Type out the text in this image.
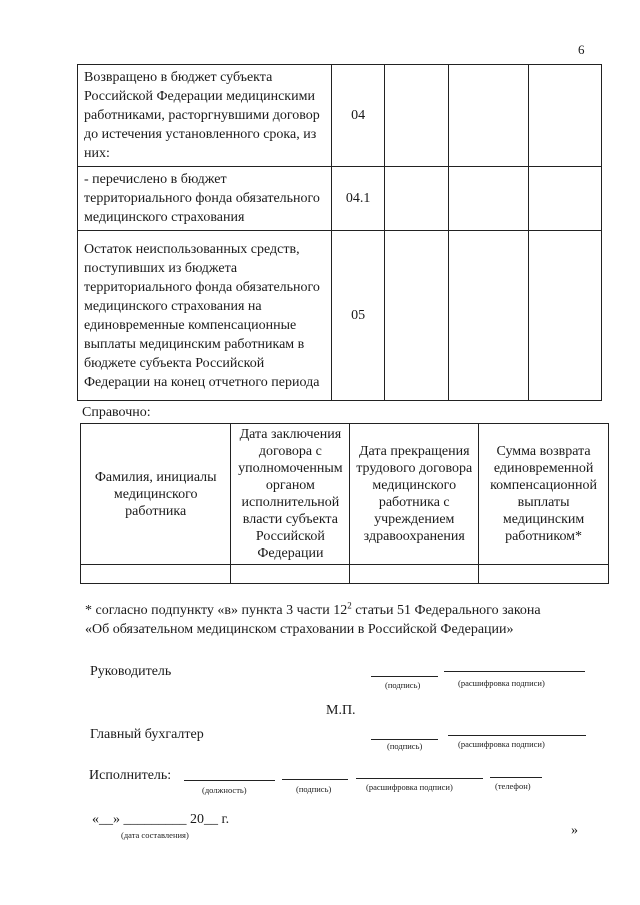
6
Возвращено в бюджет субъекта Российской Федерации медицинскими работниками, расторгнувшими договор до истечения установленного срока, из них:	04			
- перечислено в бюджет территориального фонда обязательного медицинского страхования	04.1			
Остаток неиспользованных средств, поступивших из бюджета территориального фонда обязательного медицинского страхования на единовременные компенсационные выплаты медицинским работникам в бюджете субъекта Российской Федерации на конец отчетного периода	05			
Справочно:
Фамилия, инициалы медицинского работника	Дата заключения договора с уполномоченным органом исполнительной власти субъекта Российской Федерации	Дата прекращения трудового договора медицинского работника с учреждением здравоохранения	Сумма возврата единовременной компенсационной выплаты медицинским работником*

* согласно подпункту «в» пункта 3 части $12^2$ статьи 51 Федерального закона
«Об обязательном медицинском страховании в Российской Федерации»
Руководитель
(подпись)	(расшифровка подписи)
М.П.
Главный бухгалтер
(подпись)	(расшифровка подписи)
Исполнитель:
(должность)	(подпись)	(расшифровка подписи)	(телефон)
«__» _________ 20__ г.
(дата составления)	»
